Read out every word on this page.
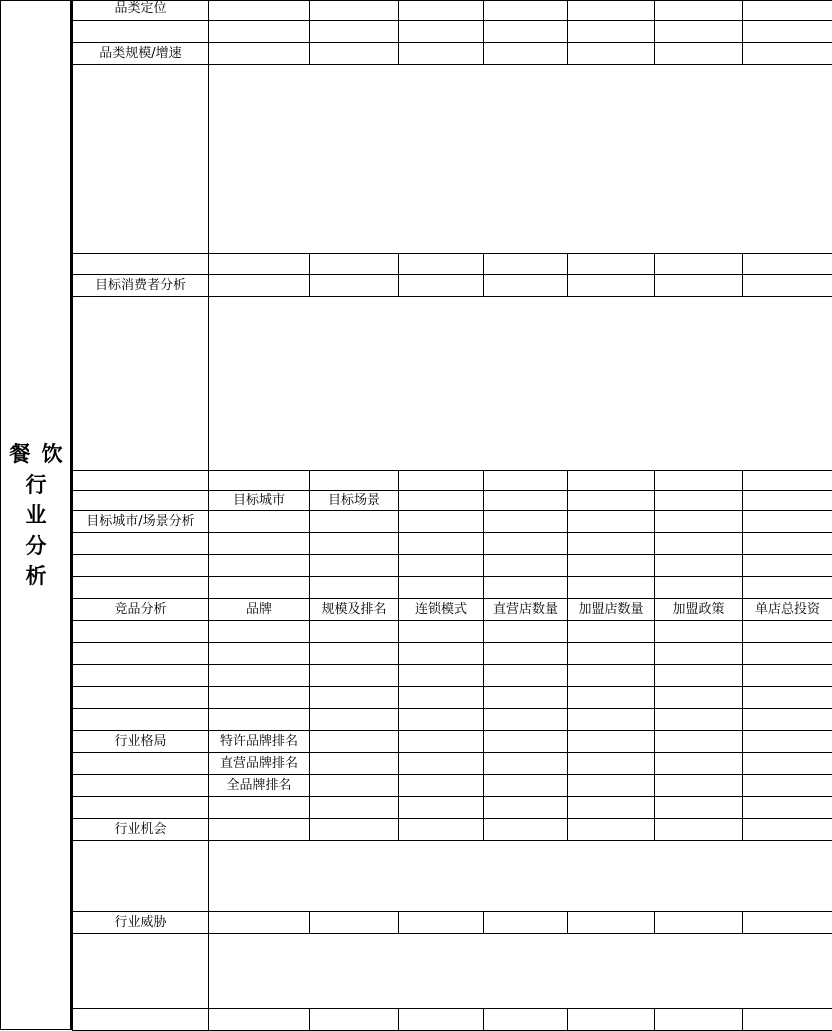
餐 饮
行
业
分
析
品类定位							

品类规模/增速							

目标消费者分析							

	目标城市	目标场景					
目标城市/场景分析							

竞品分析	品牌	规模及排名	连锁模式	直营店数量	加盟店数量	加盟政策	单店总投资

行业格局	特许品牌排名						
	直营品牌排名						
	全品牌排名						

行业机会							

行业威胁							
